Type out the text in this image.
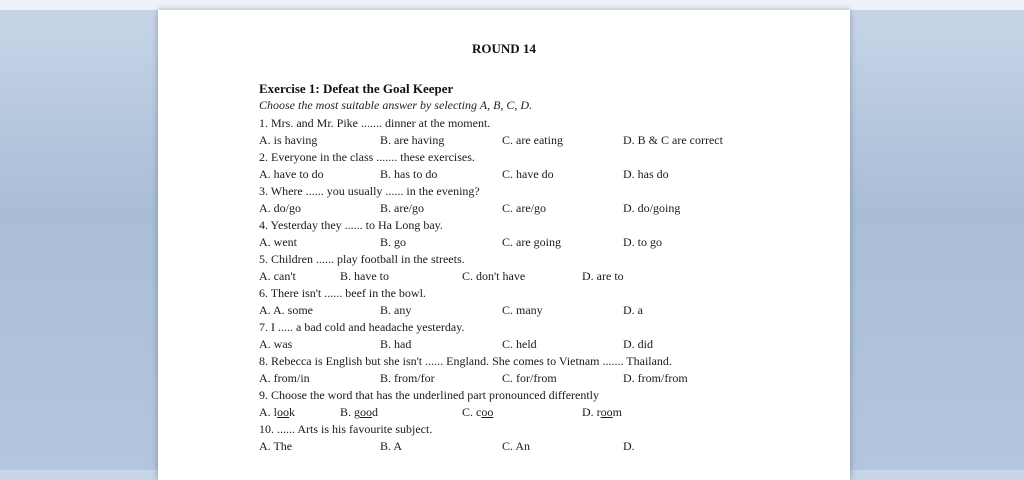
ROUND 14
Exercise 1: Defeat the Goal Keeper
Choose the most suitable answer by selecting A, B, C, D.
1. Mrs. and Mr. Pike ....... dinner at the moment.
A. is having	B. are having	C. are eating	D. B & C are correct
2. Everyone in the class ....... these exercises.
A. have to do	B. has to do	C. have do	D. has do
3. Where ...... you usually ...... in the evening?
A. do/go	B. are/go	C. are/go	D. do/going
4. Yesterday they ...... to Ha Long bay.
A. went	B. go	C. are going	D. to go
5. Children ...... play football in the streets.
A. can't	B. have to	C. don't have	D. are to
6. There isn't ...... beef in the bowl.
A. A. some	B. any	C. many	D. a
7. I ..... a bad cold and headache yesterday.
A. was	B. had	C. held	D. did
8. Rebecca is English but she isn't ...... England. She comes to Vietnam ....... Thailand.
A. from/in	B. from/for	C. for/from	D. from/from
9. Choose the word that has the underlined part pronounced differently
A. look	B. good	C. coo	D. room
10. ...... Arts is his favourite subject.
A. The	B. A	C. An	D.
